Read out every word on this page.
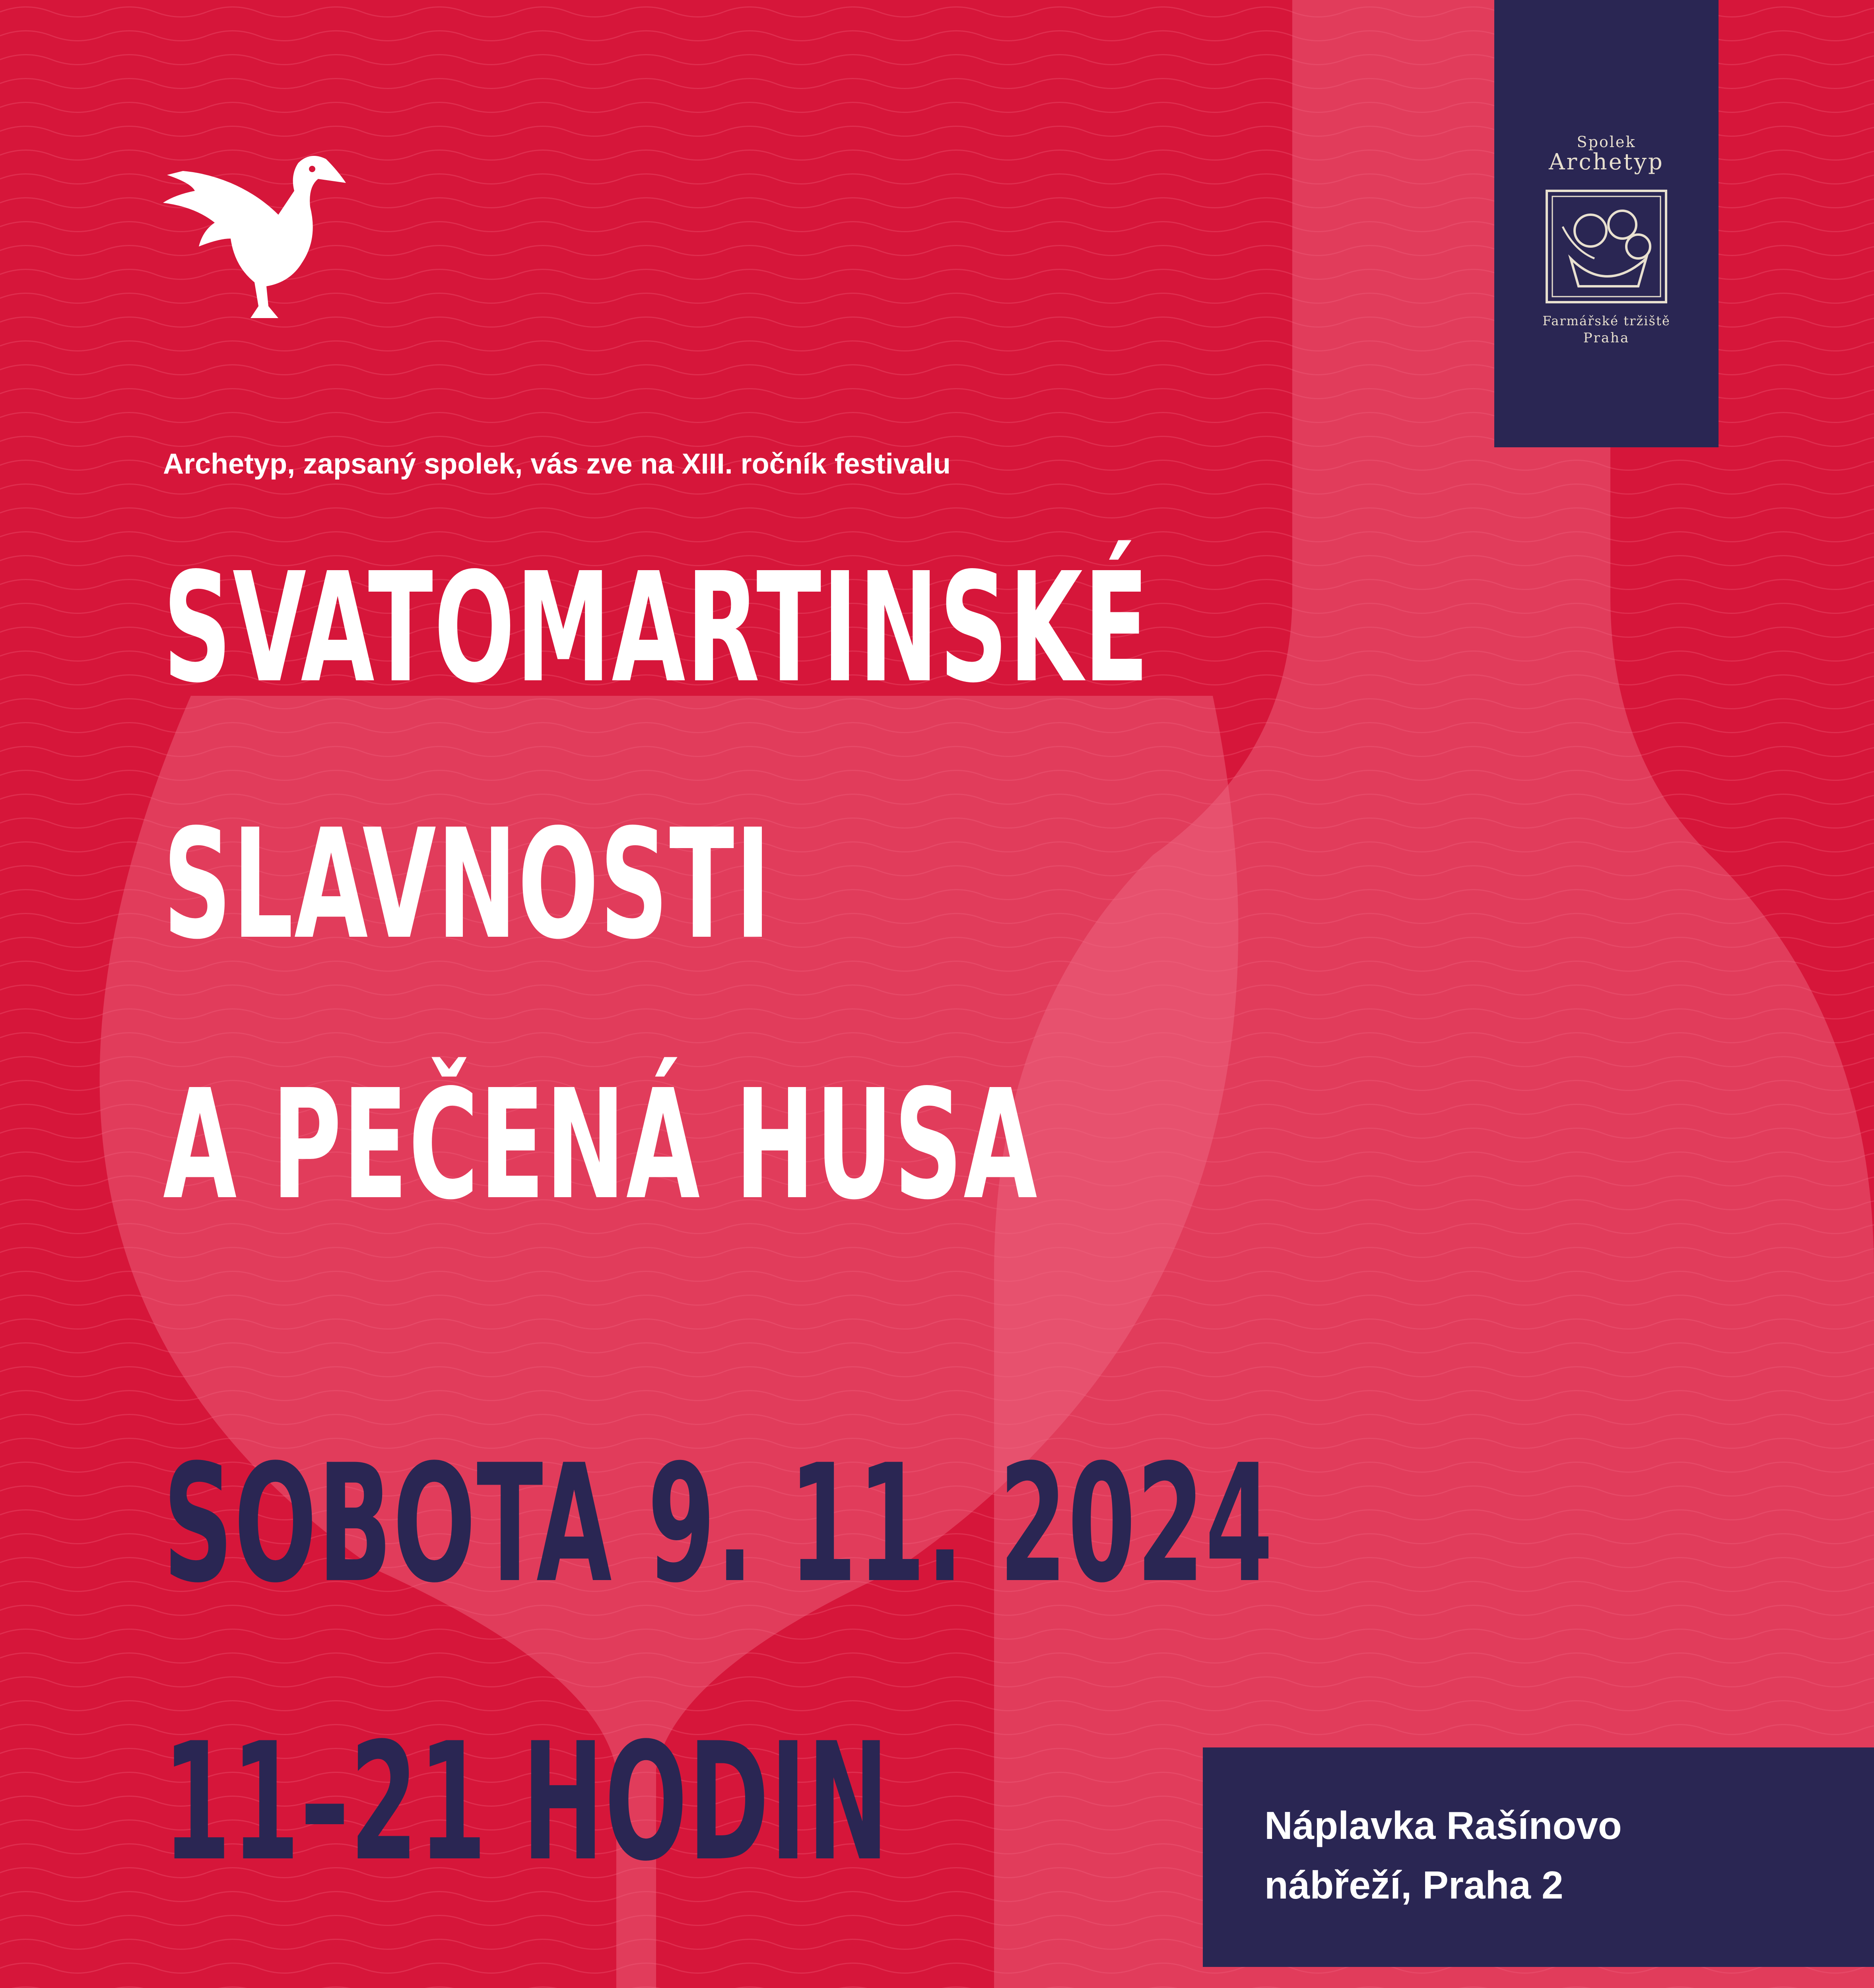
Spolek
Archetyp
Farmářské tržiště
Praha
Archetyp, zapsaný spolek, vás zve na XIII. ročník festivalu
SVATOMARTINSKÉ
SLAVNOSTI
A PEČENÁ HUSA
SOBOTA 9. 11. 2024
11–21 HODIN	Náplavka Rašínovo
nábřeží, Praha 2
